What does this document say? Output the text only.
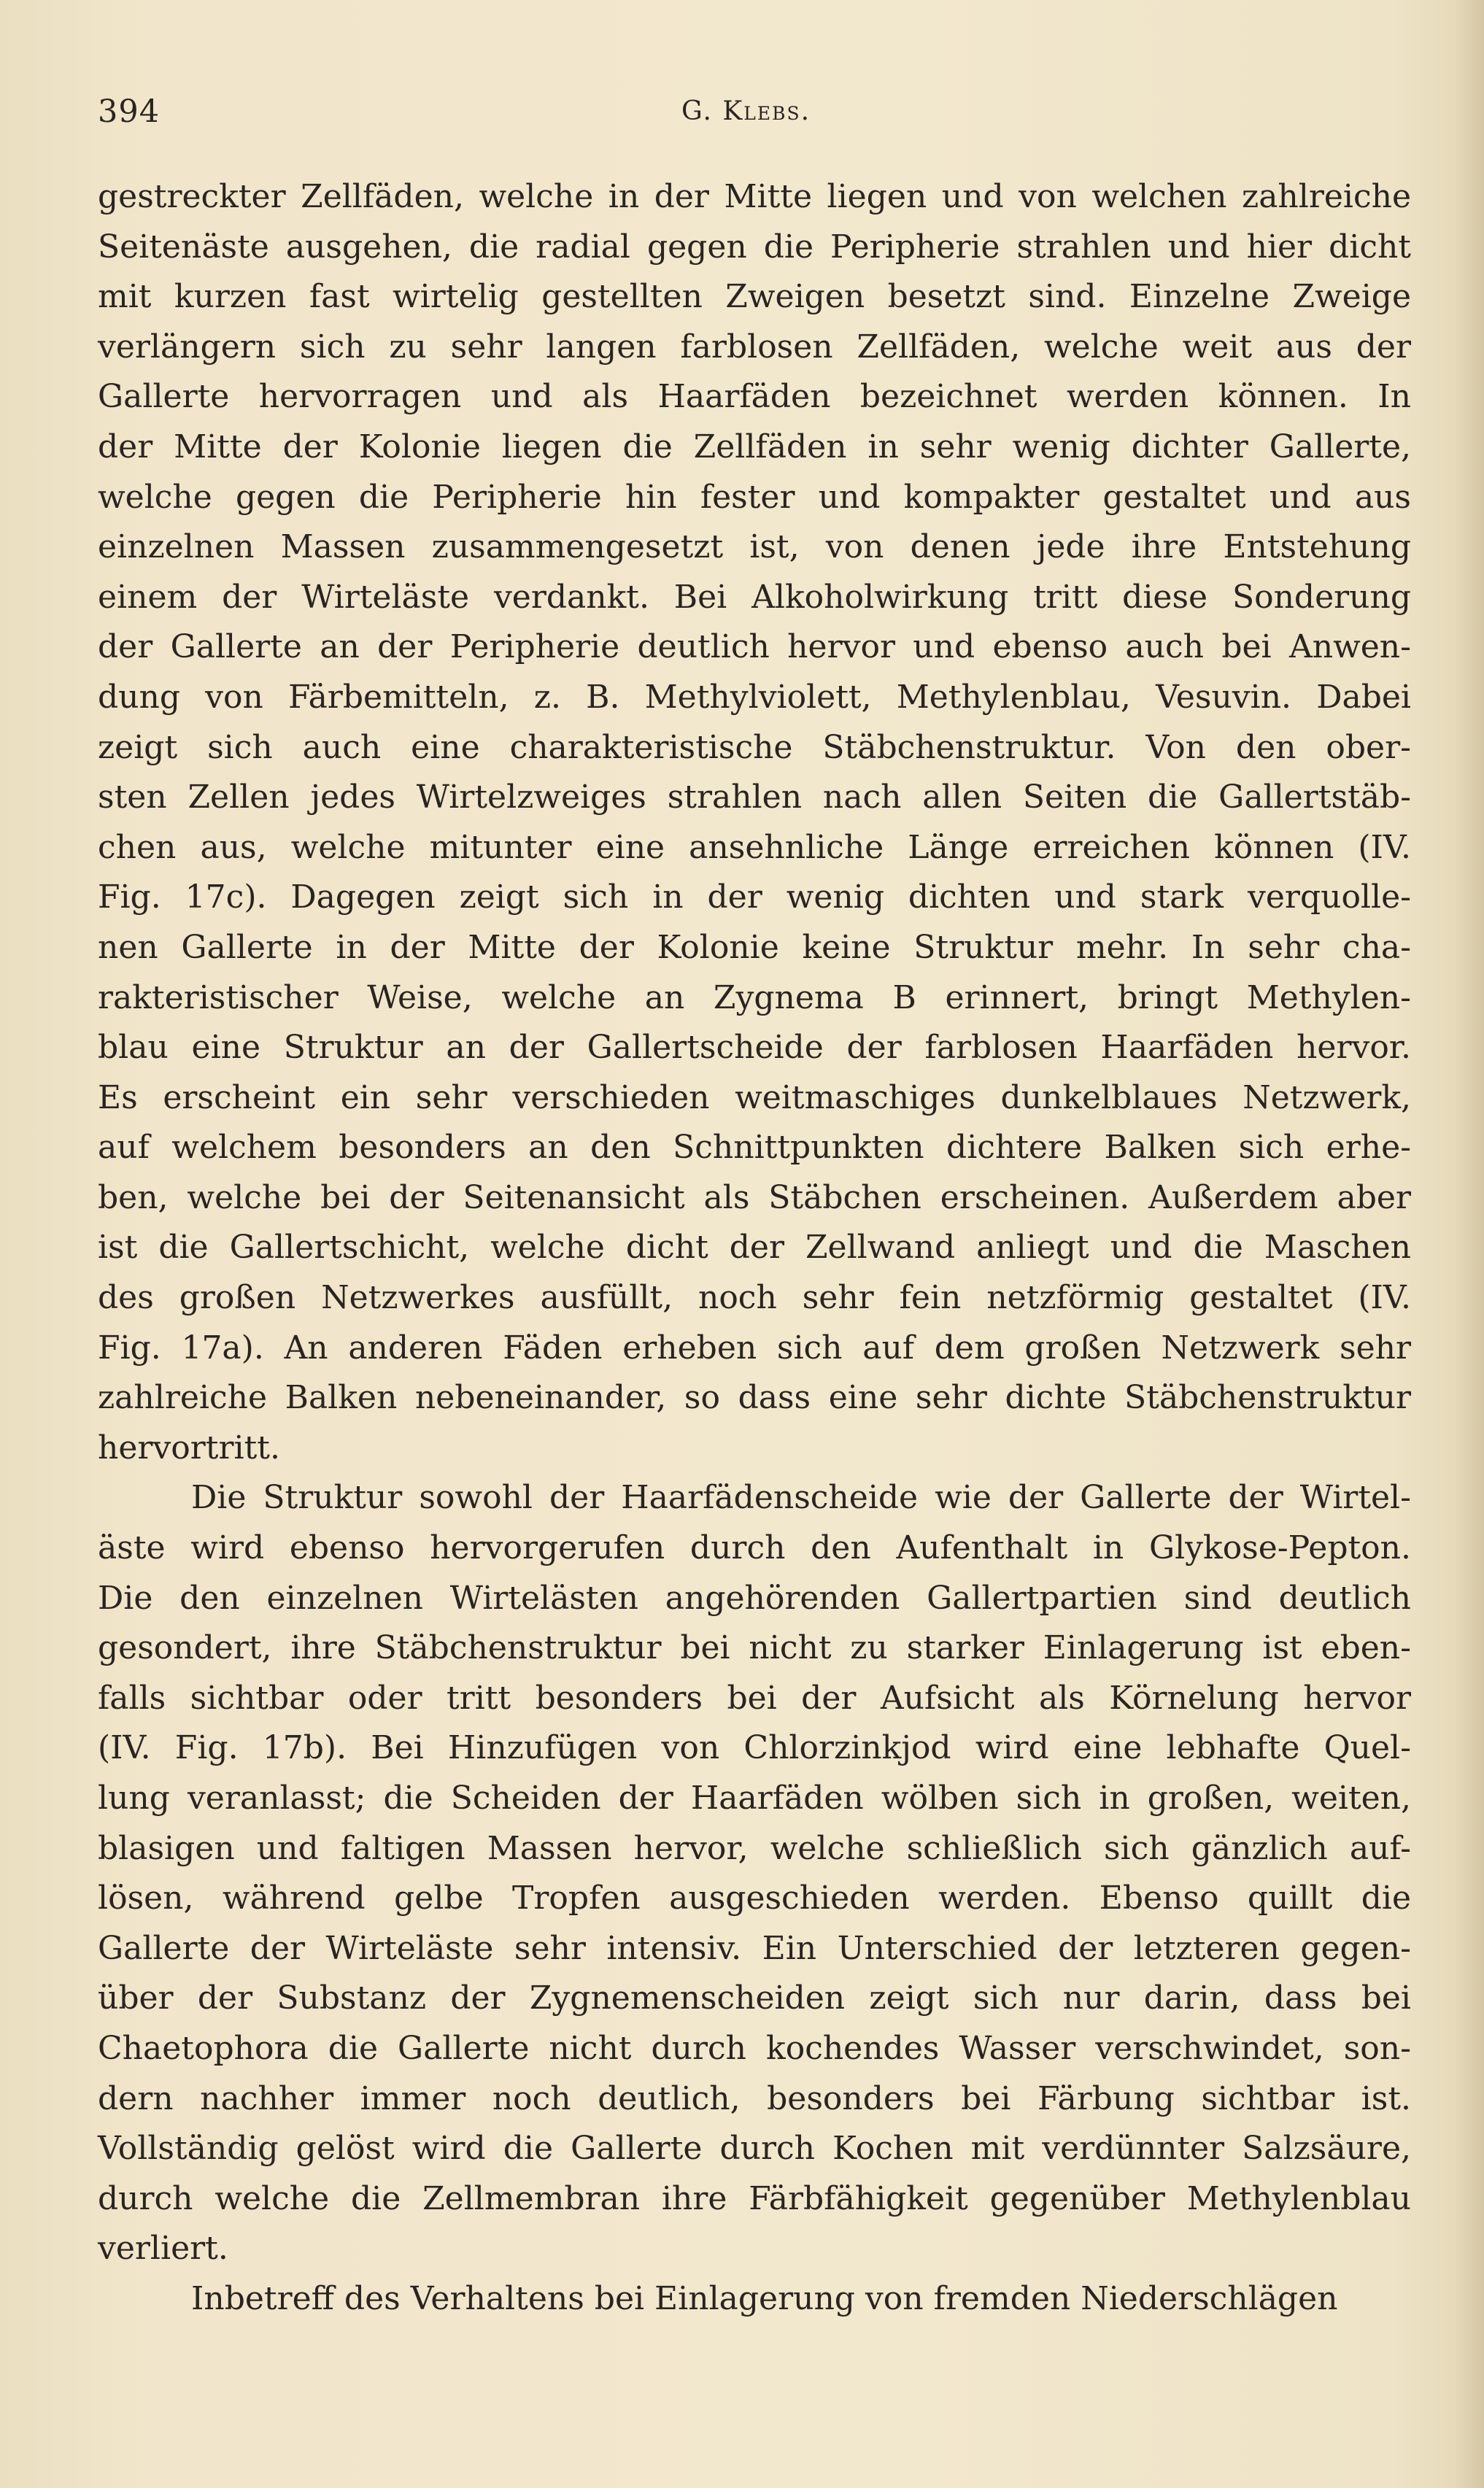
394	G. Klebs.
gestreckter Zellfäden, welche in der Mitte liegen und von welchen zahlreiche
Seitenäste ausgehen, die radial gegen die Peripherie strahlen und hier dicht
mit kurzen fast wirtelig gestellten Zweigen besetzt sind. Einzelne Zweige
verlängern sich zu sehr langen farblosen Zellfäden, welche weit aus der
Gallerte hervorragen und als Haarfäden bezeichnet werden können. In
der Mitte der Kolonie liegen die Zellfäden in sehr wenig dichter Gallerte,
welche gegen die Peripherie hin fester und kompakter gestaltet und aus
einzelnen Massen zusammengesetzt ist, von denen jede ihre Entstehung
einem der Wirteläste verdankt. Bei Alkoholwirkung tritt diese Sonderung
der Gallerte an der Peripherie deutlich hervor und ebenso auch bei Anwen-
dung von Färbemitteln, z. B. Methylviolett, Methylenblau, Vesuvin. Dabei
zeigt sich auch eine charakteristische Stäbchenstruktur. Von den ober-
sten Zellen jedes Wirtelzweiges strahlen nach allen Seiten die Gallertstäb-
chen aus, welche mitunter eine ansehnliche Länge erreichen können (IV.
Fig. 17c). Dagegen zeigt sich in der wenig dichten und stark verquolle-
nen Gallerte in der Mitte der Kolonie keine Struktur mehr. In sehr cha-
rakteristischer Weise, welche an Zygnema B erinnert, bringt Methylen-
blau eine Struktur an der Gallertscheide der farblosen Haarfäden hervor.
Es erscheint ein sehr verschieden weitmaschiges dunkelblaues Netzwerk,
auf welchem besonders an den Schnittpunkten dichtere Balken sich erhe-
ben, welche bei der Seitenansicht als Stäbchen erscheinen. Außerdem aber
ist die Gallertschicht, welche dicht der Zellwand anliegt und die Maschen
des großen Netzwerkes ausfüllt, noch sehr fein netzförmig gestaltet (IV.
Fig. 17a). An anderen Fäden erheben sich auf dem großen Netzwerk sehr
zahlreiche Balken nebeneinander, so dass eine sehr dichte Stäbchenstruktur
hervortritt.
Die Struktur sowohl der Haarfädenscheide wie der Gallerte der Wirtel-
äste wird ebenso hervorgerufen durch den Aufenthalt in Glykose-Pepton.
Die den einzelnen Wirtelästen angehörenden Gallertpartien sind deutlich
gesondert, ihre Stäbchenstruktur bei nicht zu starker Einlagerung ist eben-
falls sichtbar oder tritt besonders bei der Aufsicht als Körnelung hervor
(IV. Fig. 17b). Bei Hinzufügen von Chlorzinkjod wird eine lebhafte Quel-
lung veranlasst; die Scheiden der Haarfäden wölben sich in großen, weiten,
blasigen und faltigen Massen hervor, welche schließlich sich gänzlich auf-
lösen, während gelbe Tropfen ausgeschieden werden. Ebenso quillt die
Gallerte der Wirteläste sehr intensiv. Ein Unterschied der letzteren gegen-
über der Substanz der Zygnemenscheiden zeigt sich nur darin, dass bei
Chaetophora die Gallerte nicht durch kochendes Wasser verschwindet, son-
dern nachher immer noch deutlich, besonders bei Färbung sichtbar ist.
Vollständig gelöst wird die Gallerte durch Kochen mit verdünnter Salzsäure,
durch welche die Zellmembran ihre Färbfähigkeit gegenüber Methylenblau
verliert.
Inbetreff des Verhaltens bei Einlagerung von fremden Niederschlägen
